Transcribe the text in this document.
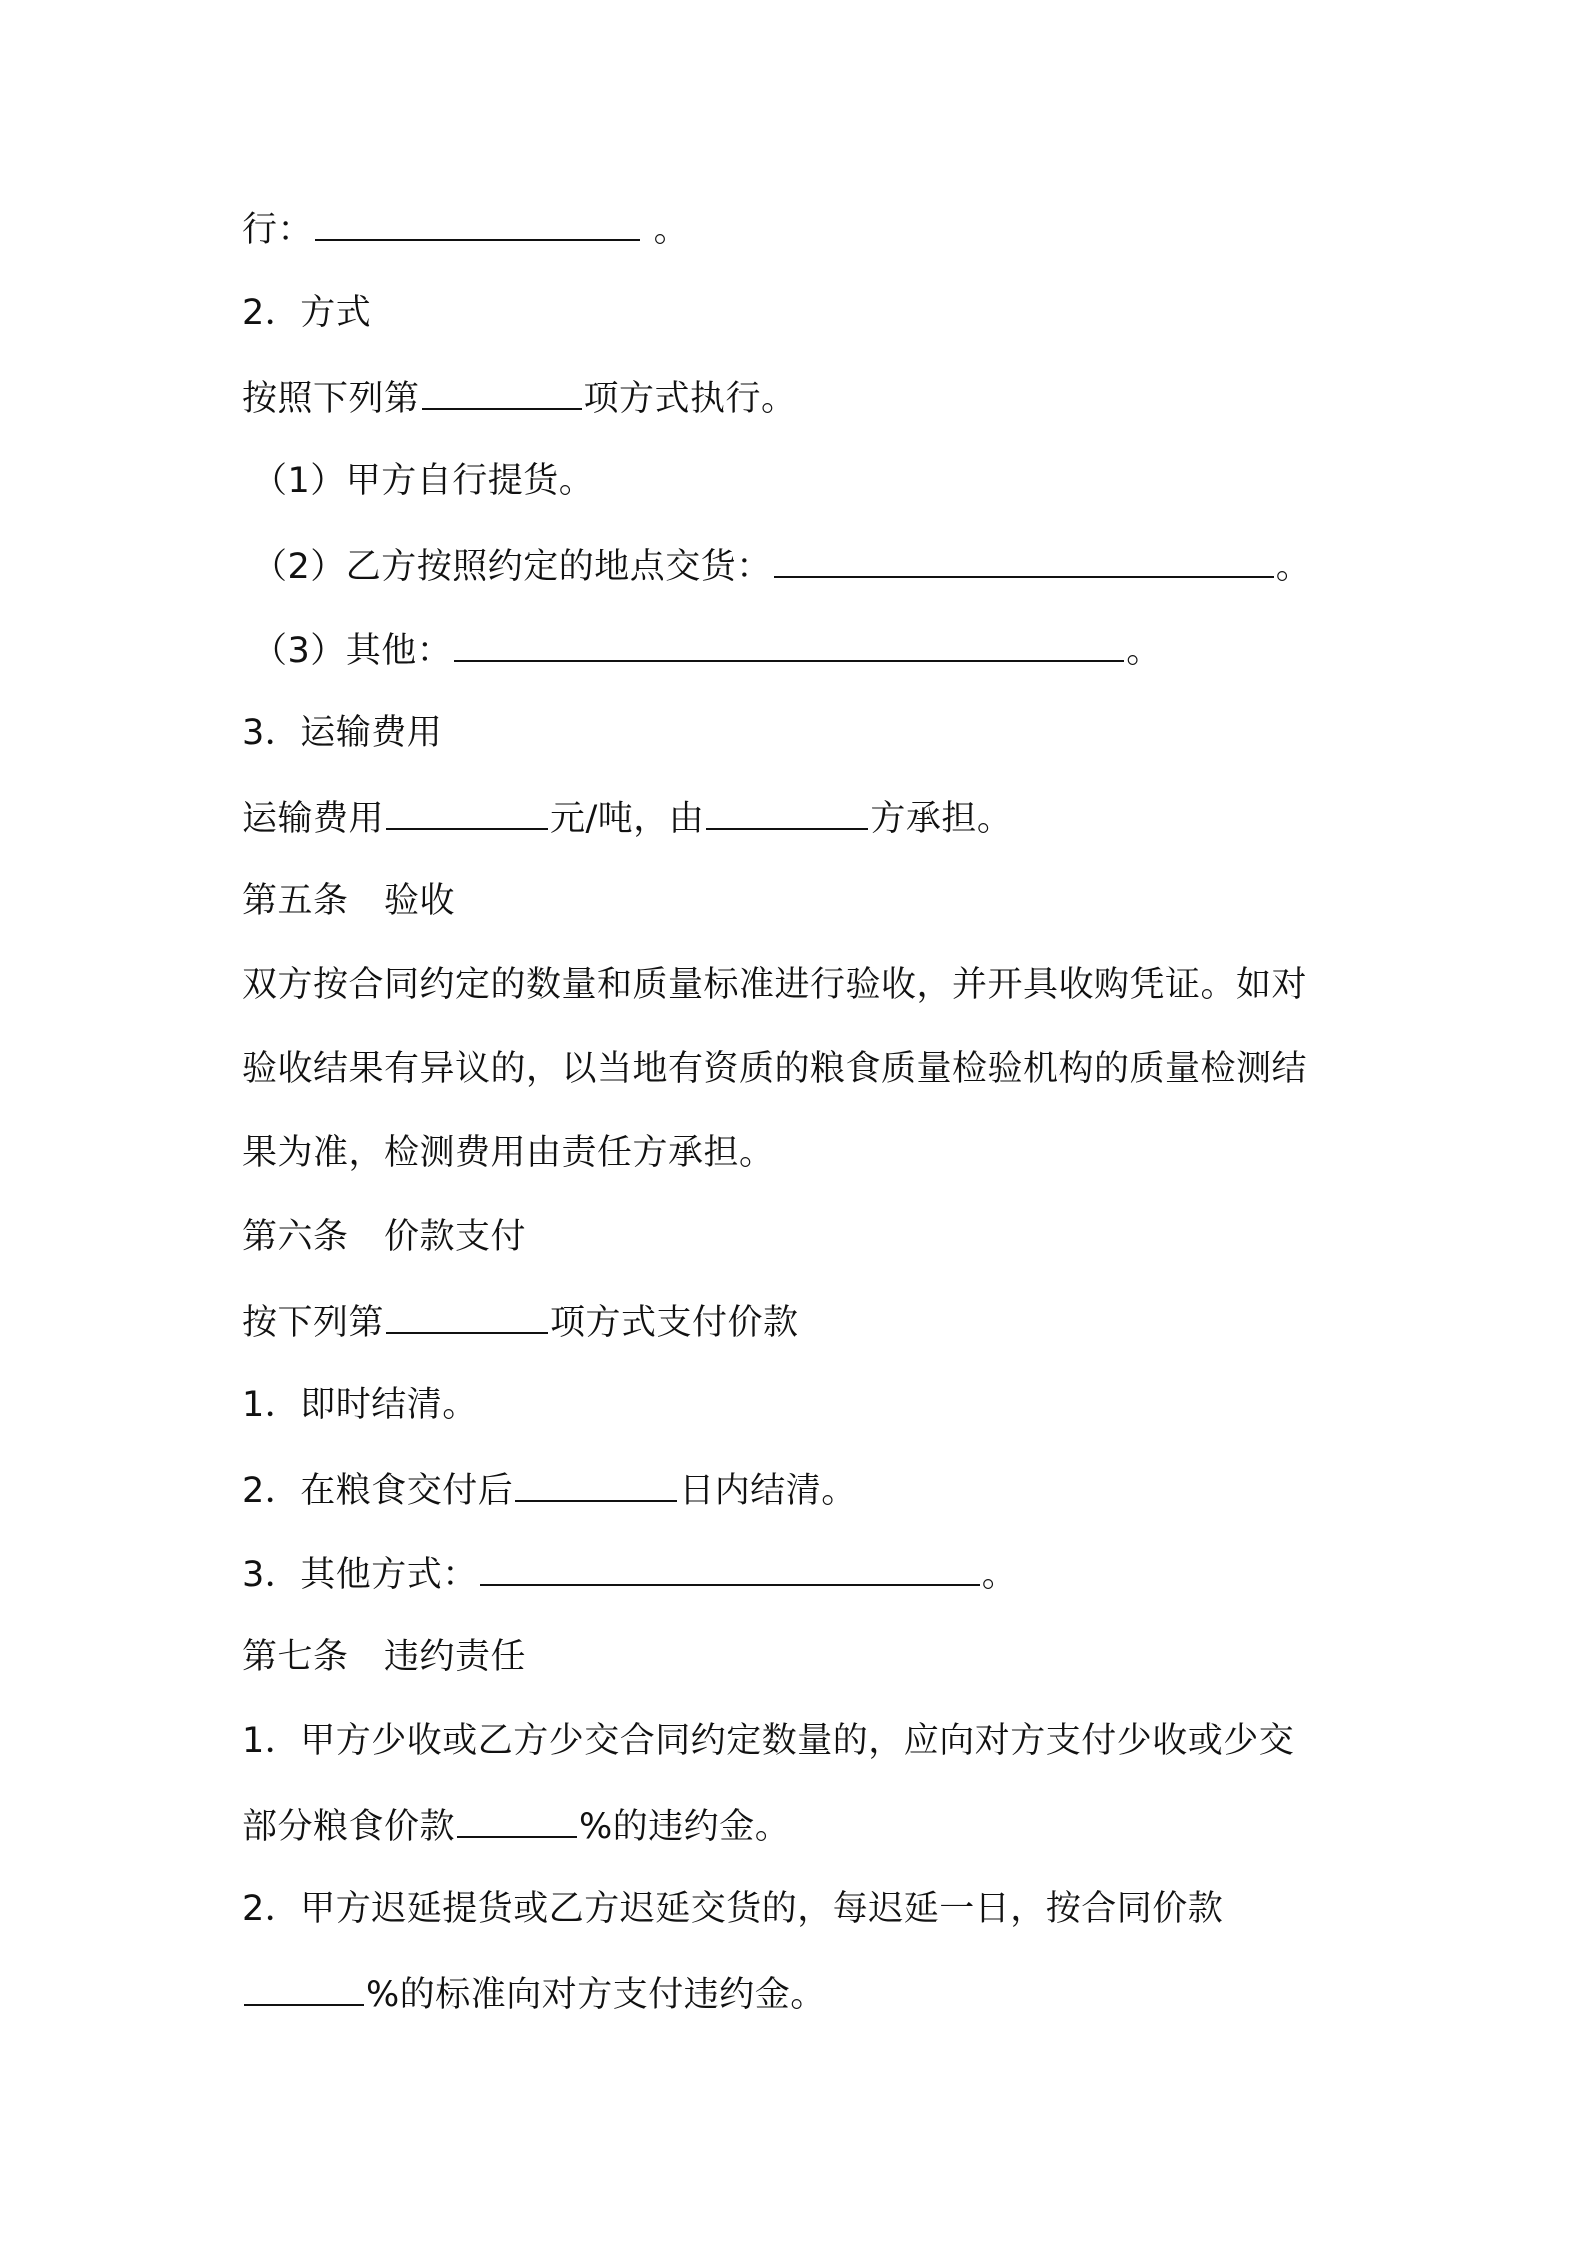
行：	。
2．方式
按照下列第	项方式执行。
（1）甲方自行提货。
（2）乙方按照约定的地点交货：	。
（3）其他：	。
3．运输费用
运输费用	元/吨，由	方承担。
第五条　验收
双方按合同约定的数量和质量标准进行验收，并开具收购凭证。如对
验收结果有异议的，以当地有资质的粮食质量检验机构的质量检测结
果为准，检测费用由责任方承担。
第六条　价款支付
按下列第	项方式支付价款
1．即时结清。
2．在粮食交付后	日内结清。
3．其他方式：	。
第七条　违约责任
1．甲方少收或乙方少交合同约定数量的，应向对方支付少收或少交
部分粮食价款	%的违约金。
2．甲方迟延提货或乙方迟延交货的，每迟延一日，按合同价款
%的标准向对方支付违约金。
